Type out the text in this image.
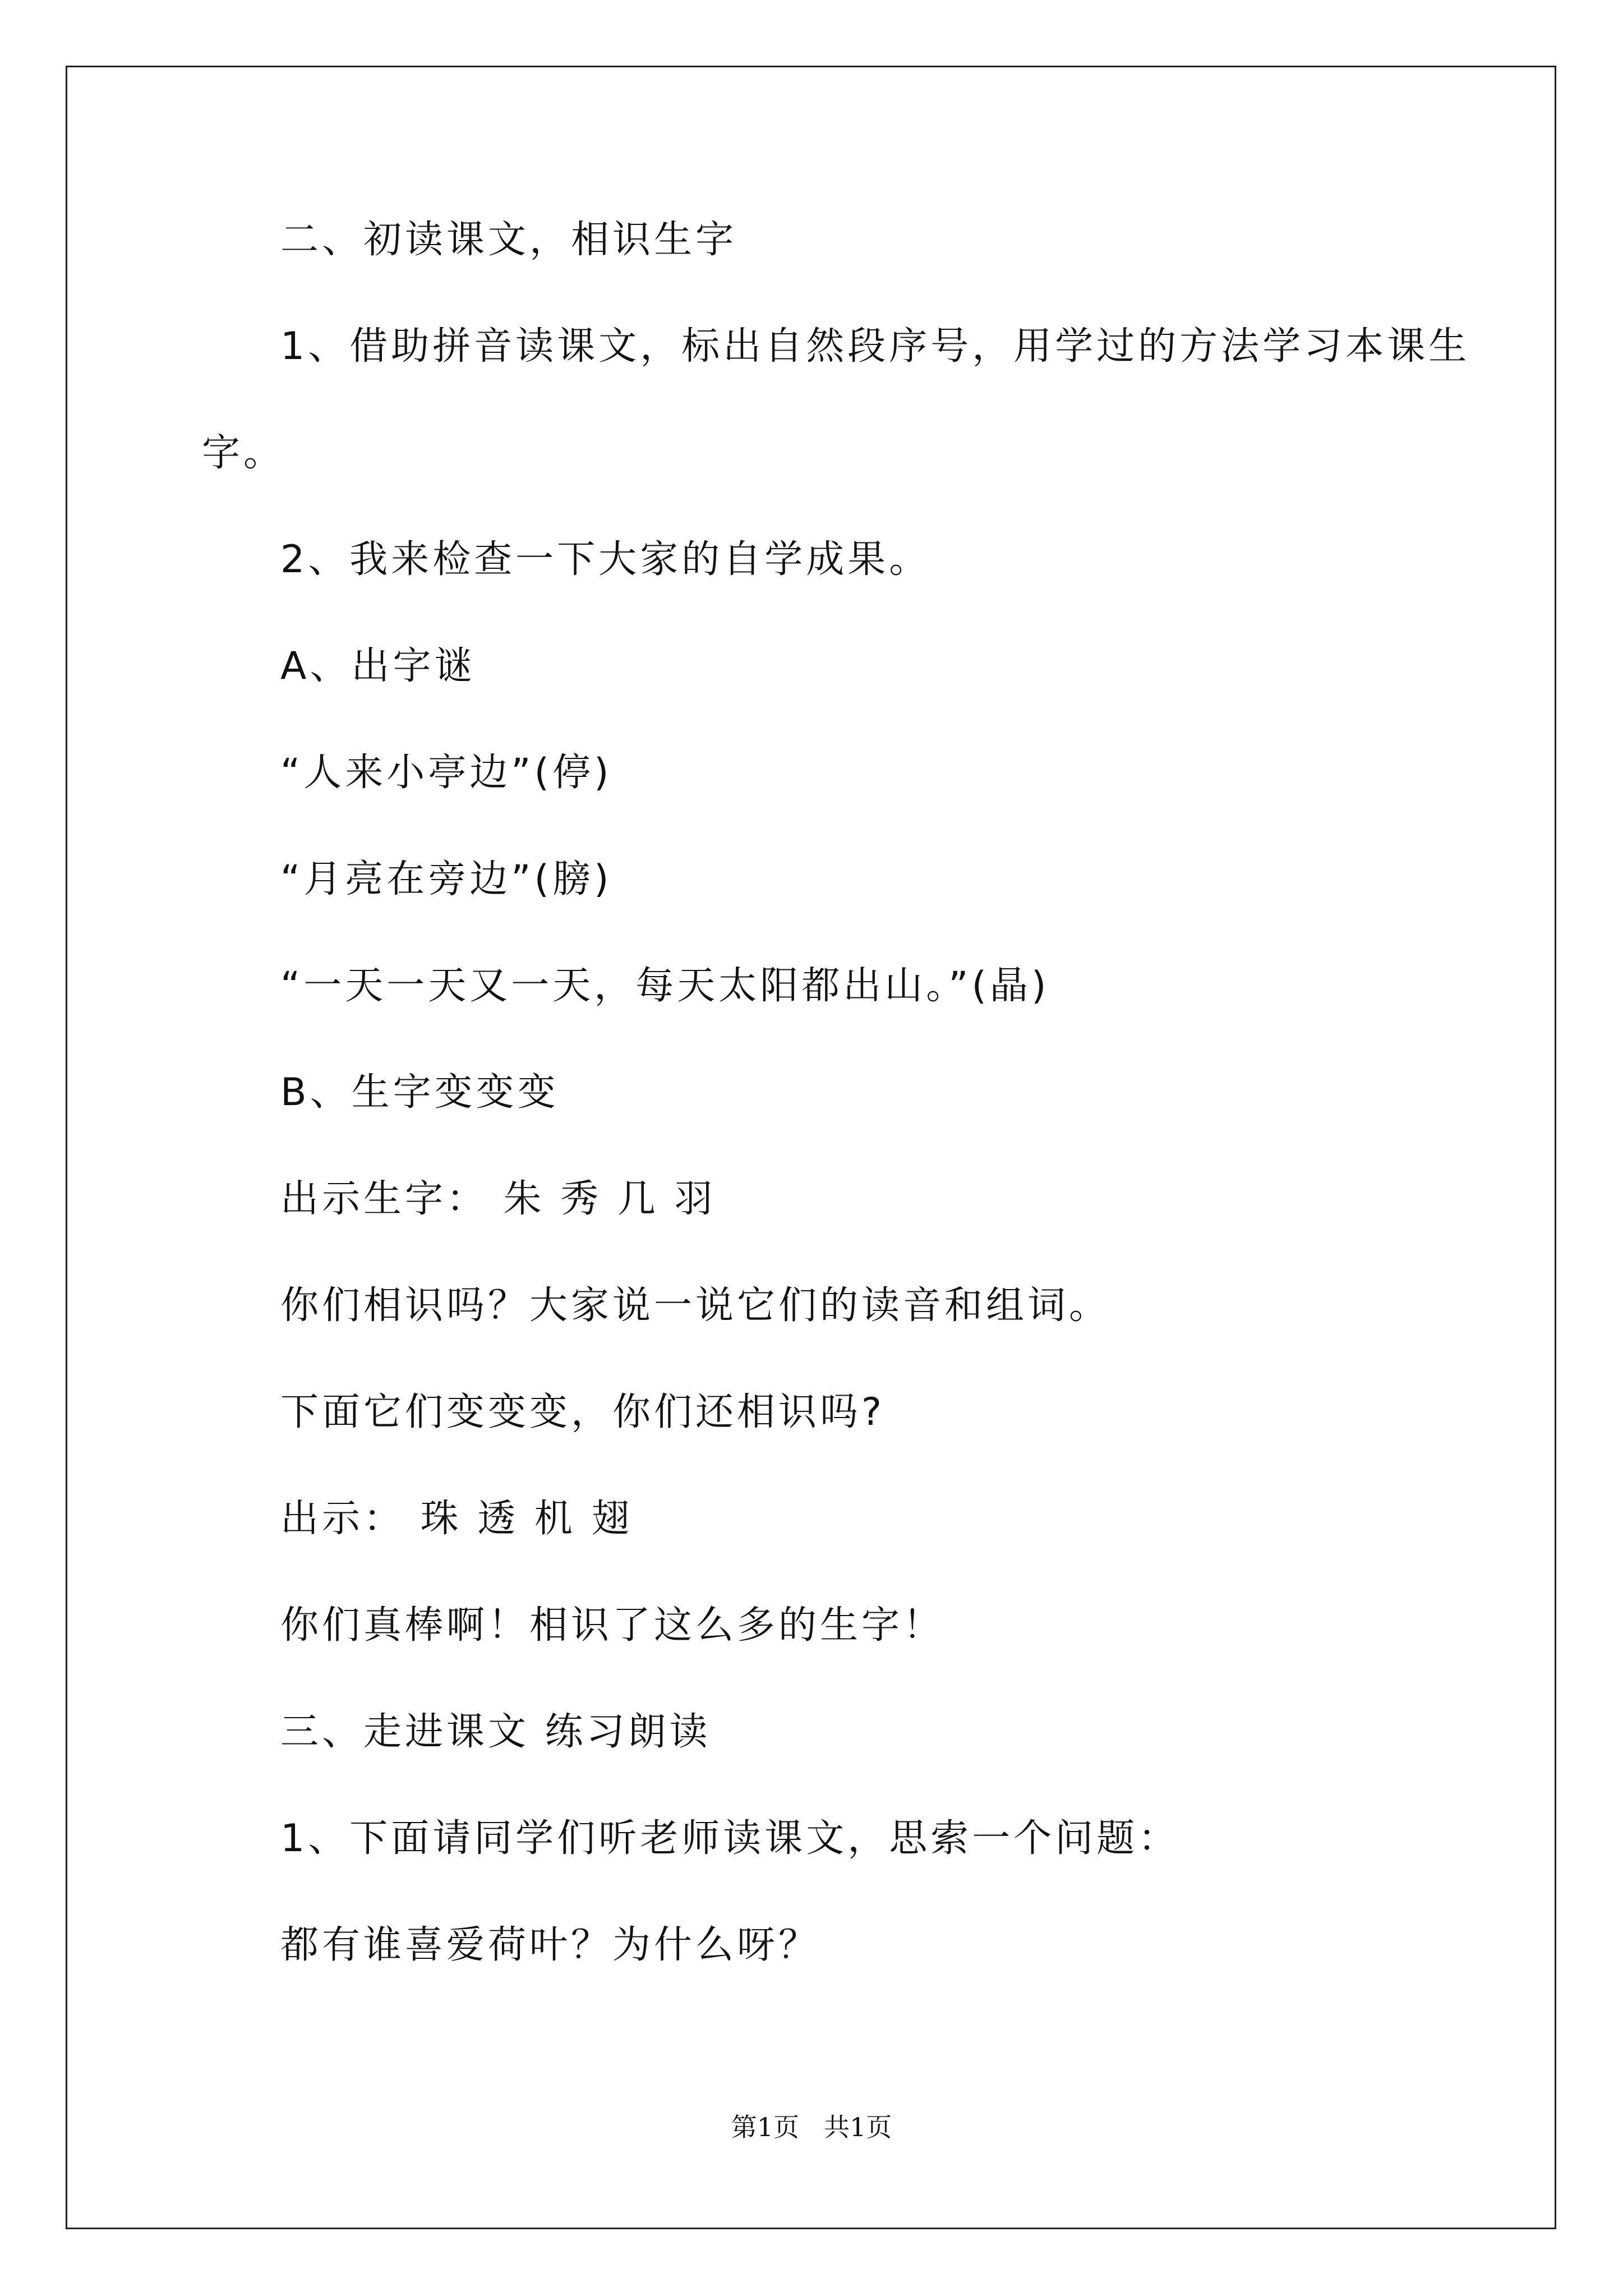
二、初读课文，相识生字
1、借助拼音读课文，标出自然段序号，用学过的方法学习本课生
字。
2、我来检查一下大家的自学成果。
A、出字谜
“人来小亭边”(停)
“月亮在旁边”(膀)
“一天一天又一天，每天太阳都出山。”(晶)
B、生字变变变
出示生字： 朱 秀 几 羽
你们相识吗？大家说一说它们的读音和组词。
下面它们变变变，你们还相识吗?
出示： 珠 透 机 翅
你们真棒啊！相识了这么多的生字！
三、走进课文 练习朗读
1、下面请同学们听老师读课文，思索一个问题：
都有谁喜爱荷叶？为什么呀？
第1页 共1页
